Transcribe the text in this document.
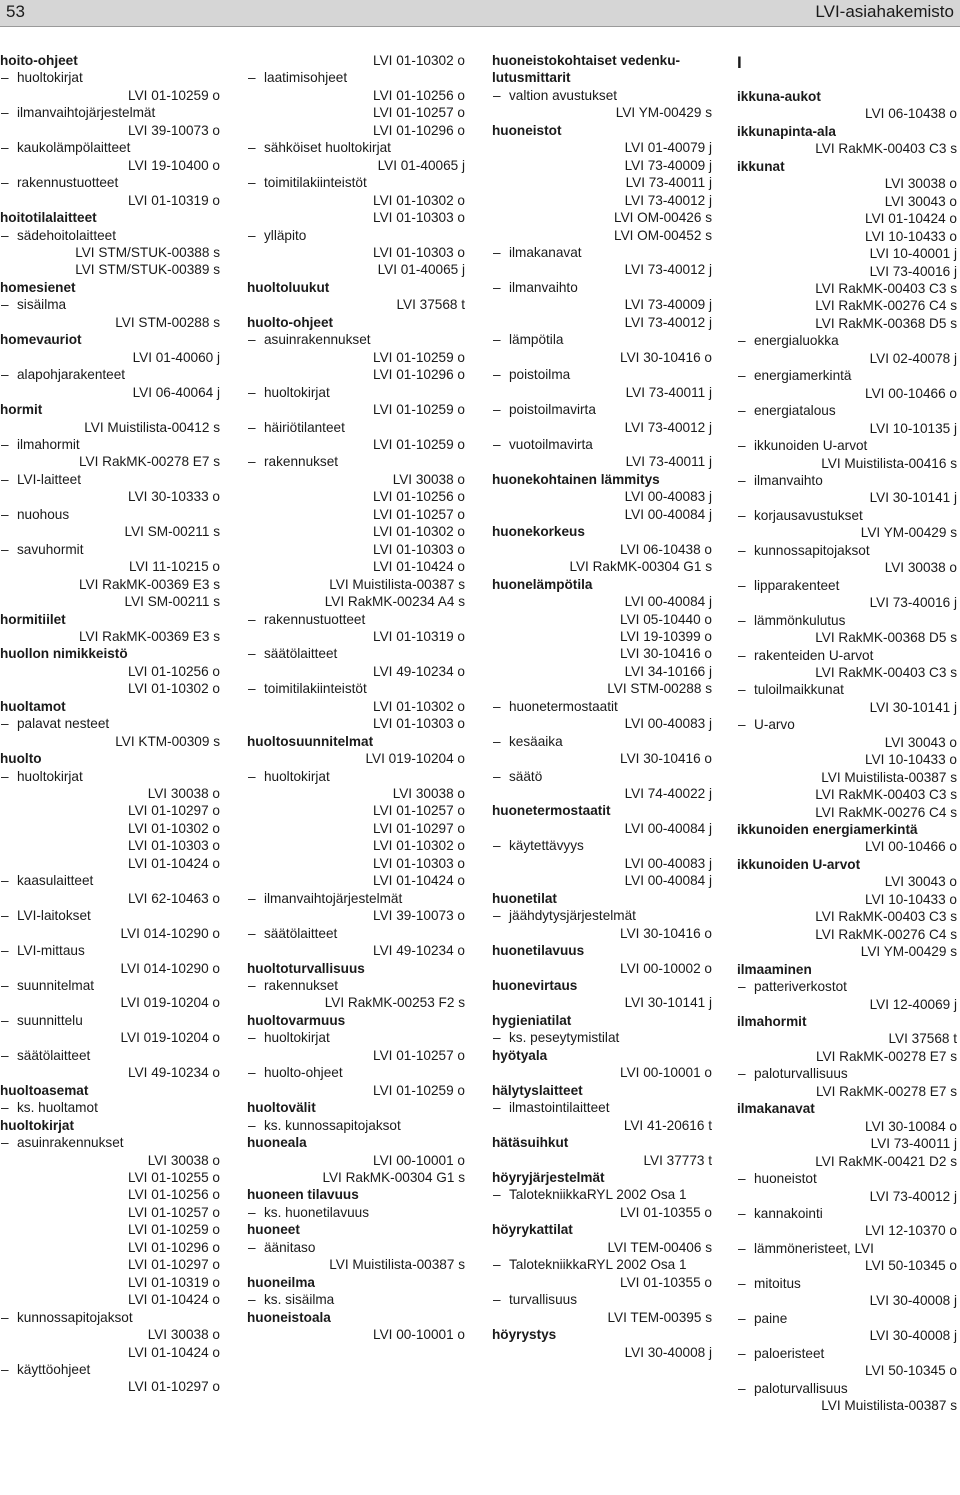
53	LVI-asiahakemisto
hoito-ohjeet
– huoltokirjat
LVI 01-10259 o
– ilmanvaihtojärjestelmät
LVI 39-10073 o
– kaukolämpölaitteet
LVI 19-10400 o
– rakennustuotteet
LVI 01-10319 o
hoitotilalaitteet
– sädehoitolaitteet
LVI STM/STUK-00388 s
LVI STM/STUK-00389 s
homesienet
– sisäilma
LVI STM-00288 s
homevauriot
LVI 01-40060 j
– alapohjarakenteet
LVI 06-40064 j
hormit
LVI Muistilista-00412 s
– ilmahormit
LVI RakMK-00278 E7 s
– LVI-laitteet
LVI 30-10333 o
– nuohous
LVI SM-00211 s
– savuhormit
LVI 11-10215 o
LVI RakMK-00369 E3 s
LVI SM-00211 s
hormitiilet
LVI RakMK-00369 E3 s
huollon nimikkeistö
LVI 01-10256 o
LVI 01-10302 o
huoltamot
– palavat nesteet
LVI KTM-00309 s
huolto
– huoltokirjat
LVI 30038 o
LVI 01-10297 o
LVI 01-10302 o
LVI 01-10303 o
LVI 01-10424 o
– kaasulaitteet
LVI 62-10463 o
– LVI-laitokset
LVI 014-10290 o
– LVI-mittaus
LVI 014-10290 o
– suunnitelmat
LVI 019-10204 o
– suunnittelu
LVI 019-10204 o
– säätölaitteet
LVI 49-10234 o
huoltoasemat
– ks. huoltamot
huoltokirjat
– asuinrakennukset
LVI 30038 o
LVI 01-10255 o
LVI 01-10256 o
LVI 01-10257 o
LVI 01-10259 o
LVI 01-10296 o
LVI 01-10297 o
LVI 01-10319 o
LVI 01-10424 o
– kunnossapitojaksot
LVI 30038 o
LVI 01-10424 o
– käyttöohjeet
LVI 01-10297 o
LVI 01-10302 o
– laatimisohjeet
LVI 01-10256 o
LVI 01-10257 o
LVI 01-10296 o
– sähköiset huoltokirjat
LVI 01-40065 j
– toimitilakiinteistöt
LVI 01-10302 o
LVI 01-10303 o
– ylläpito
LVI 01-10303 o
LVI 01-40065 j
huoltoluukut
LVI 37568 t
huolto-ohjeet
– asuinrakennukset
LVI 01-10259 o
LVI 01-10296 o
– huoltokirjat
LVI 01-10259 o
– häiriötilanteet
LVI 01-10259 o
– rakennukset
LVI 30038 o
LVI 01-10256 o
LVI 01-10257 o
LVI 01-10302 o
LVI 01-10303 o
LVI 01-10424 o
LVI Muistilista-00387 s
LVI RakMK-00234 A4 s
– rakennustuotteet
LVI 01-10319 o
– säätölaitteet
LVI 49-10234 o
– toimitilakiinteistöt
LVI 01-10302 o
LVI 01-10303 o
huoltosuunnitelmat
LVI 019-10204 o
– huoltokirjat
LVI 30038 o
LVI 01-10257 o
LVI 01-10297 o
LVI 01-10302 o
LVI 01-10303 o
LVI 01-10424 o
– ilmanvaihtojärjestelmät
LVI 39-10073 o
– säätölaitteet
LVI 49-10234 o
huoltoturvallisuus
– rakennukset
LVI RakMK-00253 F2 s
huoltovarmuus
– huoltokirjat
LVI 01-10257 o
– huolto-ohjeet
LVI 01-10259 o
huoltovälit
– ks. kunnossapitojaksot
huoneala
LVI 00-10001 o
LVI RakMK-00304 G1 s
huoneen tilavuus
– ks. huonetilavuus
huoneet
– äänitaso
LVI Muistilista-00387 s
huoneilma
– ks. sisäilma
huoneistoala
LVI 00-10001 o
huoneistokohtaiset vedenku-
lutusmittarit
– valtion avustukset
LVI YM-00429 s
huoneistot
LVI 01-40079 j
LVI 73-40009 j
LVI 73-40011 j
LVI 73-40012 j
LVI OM-00426 s
LVI OM-00452 s
– ilmakanavat
LVI 73-40012 j
– ilmanvaihto
LVI 73-40009 j
LVI 73-40012 j
– lämpötila
LVI 30-10416 o
– poistoilma
LVI 73-40011 j
– poistoilmavirta
LVI 73-40012 j
– vuotoilmavirta
LVI 73-40011 j
huonekohtainen lämmitys
LVI 00-40083 j
LVI 00-40084 j
huonekorkeus
LVI 06-10438 o
LVI RakMK-00304 G1 s
huonelämpötila
LVI 00-40084 j
LVI 05-10440 o
LVI 19-10399 o
LVI 30-10416 o
LVI 34-10166 j
LVI STM-00288 s
– huonetermostaatit
LVI 00-40083 j
– kesäaika
LVI 30-10416 o
– säätö
LVI 74-40022 j
huonetermostaatit
LVI 00-40084 j
– käytettävyys
LVI 00-40083 j
LVI 00-40084 j
huonetilat
– jäähdytysjärjestelmät
LVI 30-10416 o
huonetilavuus
LVI 00-10002 o
huonevirtaus
LVI 30-10141 j
hygieniatilat
– ks. peseytymistilat
hyötyala
LVI 00-10001 o
hälytyslaitteet
– ilmastointilaitteet
LVI 41-20616 t
hätäsuihkut
LVI 37773 t
höyryjärjestelmät
– TalotekniikkaRYL 2002 Osa 1
LVI 01-10355 o
höyrykattilat
LVI TEM-00406 s
– TalotekniikkaRYL 2002 Osa 1
LVI 01-10355 o
– turvallisuus
LVI TEM-00395 s
höyrystys
LVI 30-40008 j
I
ikkuna-aukot
LVI 06-10438 o
ikkunapinta-ala
LVI RakMK-00403 C3 s
ikkunat
LVI 30038 o
LVI 30043 o
LVI 01-10424 o
LVI 10-10433 o
LVI 10-40001 j
LVI 73-40016 j
LVI RakMK-00403 C3 s
LVI RakMK-00276 C4 s
LVI RakMK-00368 D5 s
– energialuokka
LVI 02-40078 j
– energiamerkintä
LVI 00-10466 o
– energiatalous
LVI 10-10135 j
– ikkunoiden U-arvot
LVI Muistilista-00416 s
– ilmanvaihto
LVI 30-10141 j
– korjausavustukset
LVI YM-00429 s
– kunnossapitojaksot
LVI 30038 o
– lipparakenteet
LVI 73-40016 j
– lämmönkulutus
LVI RakMK-00368 D5 s
– rakenteiden U-arvot
LVI RakMK-00403 C3 s
– tuloilmaikkunat
LVI 30-10141 j
– U-arvo
LVI 30043 o
LVI 10-10433 o
LVI Muistilista-00387 s
LVI RakMK-00403 C3 s
LVI RakMK-00276 C4 s
ikkunoiden energiamerkintä
LVI 00-10466 o
ikkunoiden U-arvot
LVI 30043 o
LVI 10-10433 o
LVI RakMK-00403 C3 s
LVI RakMK-00276 C4 s
LVI YM-00429 s
ilmaaminen
– patteriverkostot
LVI 12-40069 j
ilmahormit
LVI 37568 t
LVI RakMK-00278 E7 s
– paloturvallisuus
LVI RakMK-00278 E7 s
ilmakanavat
LVI 30-10084 o
LVI 73-40011 j
LVI RakMK-00421 D2 s
– huoneistot
LVI 73-40012 j
– kannakointi
LVI 12-10370 o
– lämmöneristeet, LVI
LVI 50-10345 o
– mitoitus
LVI 30-40008 j
– paine
LVI 30-40008 j
– paloeristeet
LVI 50-10345 o
– paloturvallisuus
LVI Muistilista-00387 s
